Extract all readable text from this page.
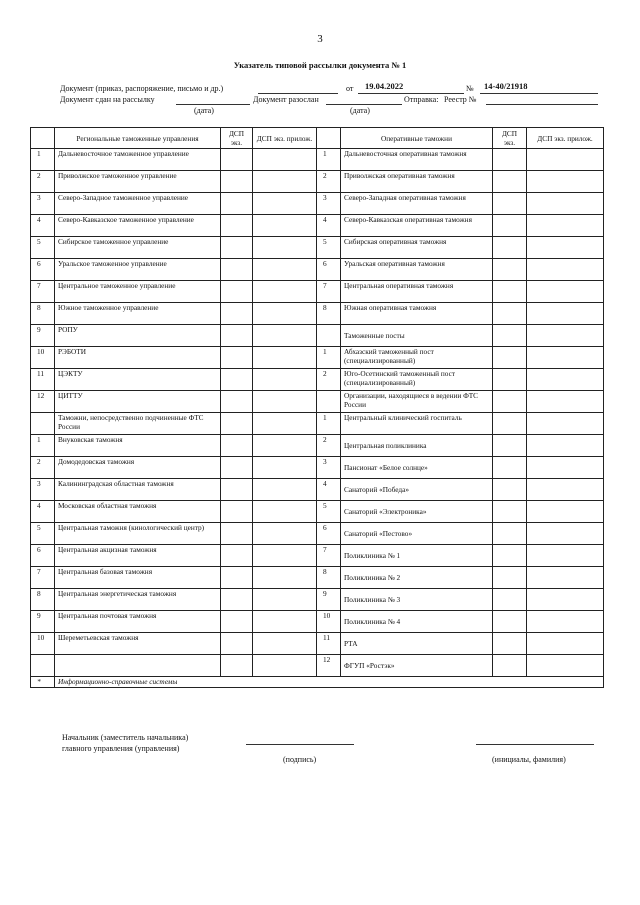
3
Указатель типовой рассылки документа № 1
Документ (приказ, распоряжение, письмо и др.)	от 19.04.2022	№ 14-40/21918
Документ сдан на рассылку	Документ разослан	Отправка: Реестр №
(дата)	(дата)
	Региональные таможенные управления	ДСП экз.	ДСП экз. прилож.		Оперативные таможни	ДСП экз.	ДСП экз. прилож.
1	Дальневосточное таможенное управление			1	Дальневосточная оперативная таможня		
2	Приволжское таможенное управление			2	Приволжская оперативная таможня		
3	Северо-Западное таможенное управление			3	Северо-Западная оперативная таможня		
4	Северо-Кавказское таможенное управление			4	Северо-Кавказская оперативная таможня		
5	Сибирское таможенное управление			5	Сибирская оперативная таможня		
6	Уральское таможенное управление			6	Уральская оперативная таможня		
7	Центральное таможенное управление			7	Центральная оперативная таможня		
8	Южное таможенное управление			8	Южная оперативная таможня		
9	РОПУ				Таможенные посты		
10	РЭБОТИ			1	Абхазский таможенный пост (специализированный)		
11	ЦЭКТУ			2	Юго-Осетинский таможенный пост (специализированный)		
12	ЦИТТУ				Организации, находящиеся в ведении ФТС России		
	Таможни, непосредственно подчиненные ФТС России			1	Центральный клинический госпиталь		
1	Внуковская таможня			2	Центральная поликлиника		
2	Домодедовская таможня			3	Пансионат «Белое солнце»		
3	Калининградская областная таможня			4	Санаторий «Победа»		
4	Московская областная таможня			5	Санаторий «Электроника»		
5	Центральная таможня (кинологический центр)			6	Санаторий «Пестово»		
6	Центральная акцизная таможня			7	Поликлиника № 1		
7	Центральная базовая таможня			8	Поликлиника № 2		
8	Центральная энергетическая таможня			9	Поликлиника № 3		
9	Центральная почтовая таможня			10	Поликлиника № 4		
10	Шереметьевская таможня			11	РТА		
				12	ФГУП «Ростэк»		
*	Информационно-справочные системы						
Начальник (заместитель начальника)
главного управления (управления)
(подпись)	(инициалы, фамилия)
